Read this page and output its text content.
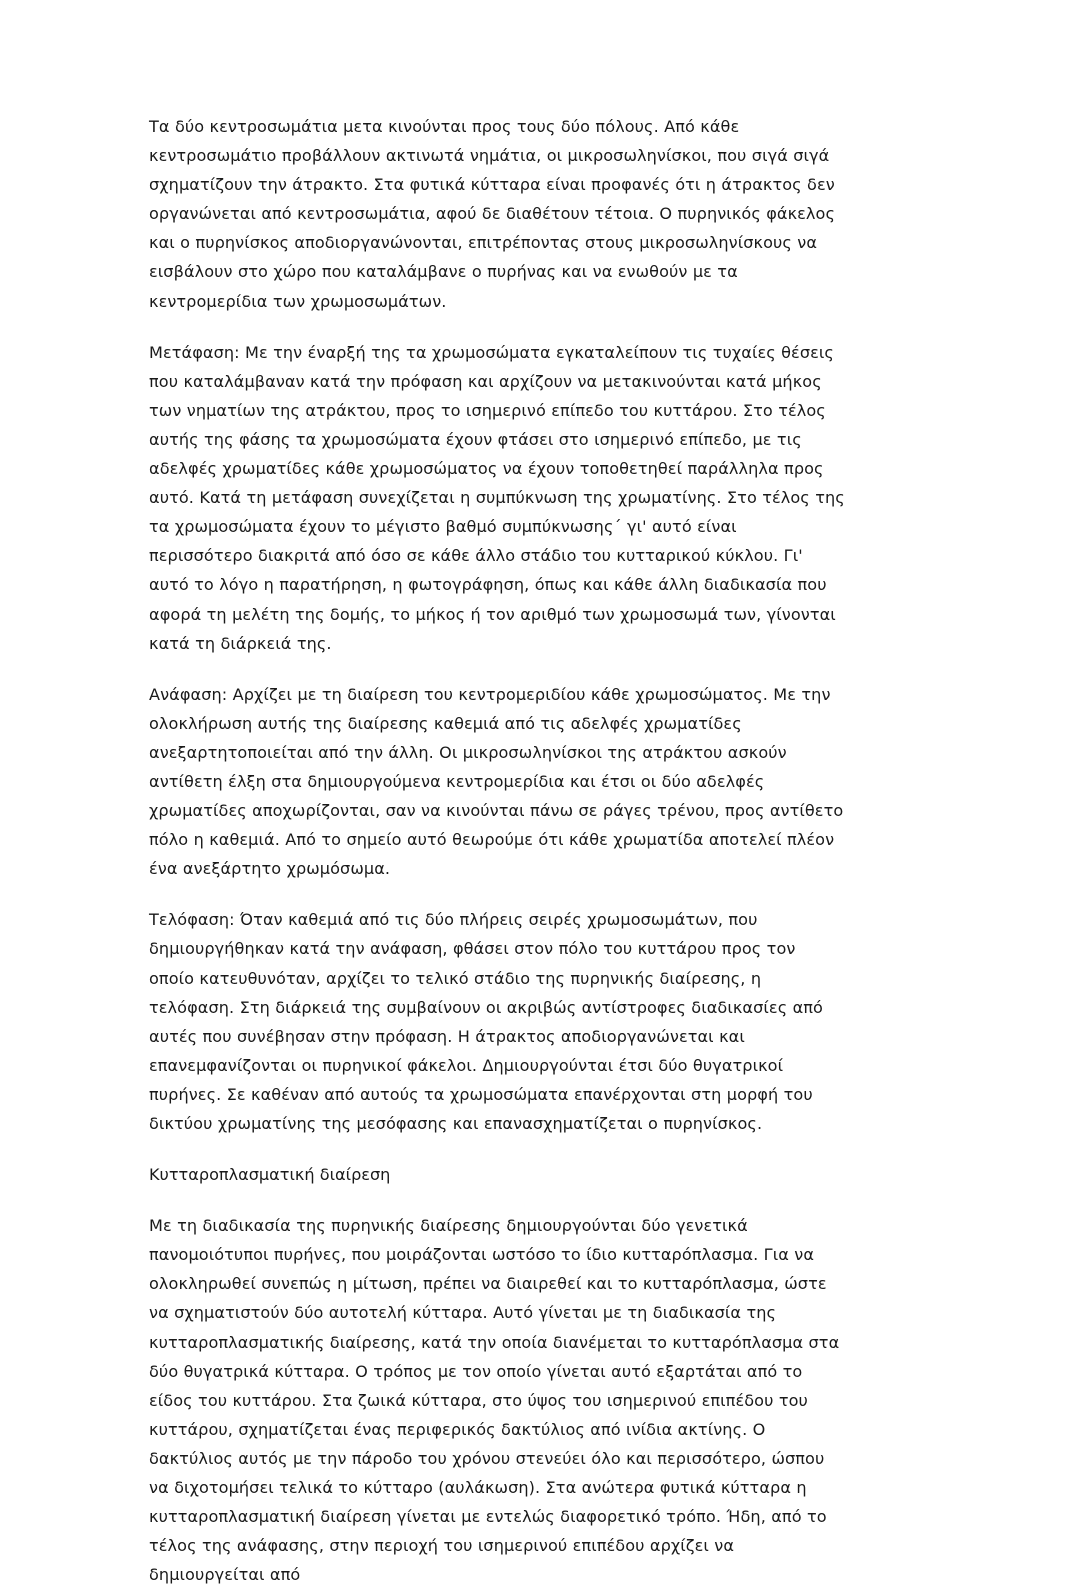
Τα δύο κεντροσωμάτια μετα κινούνται προς τους δύο πόλους. Από κάθε κεντροσωμάτιο προβάλλουν ακτινωτά νημάτια, οι μικροσωληνίσκοι, που σιγά σιγά σχηματίζουν την άτρακτο. Στα φυτικά κύτταρα είναι προφανές ότι η άτρακτος δεν οργανώνεται από κεντροσωμάτια, αφού δε διαθέτουν τέτοια. Ο πυρηνικός φάκελος και ο πυρηνίσκος αποδιοργανώνονται, επιτρέποντας στους μικροσωληνίσκους να εισβάλουν στο χώρο που καταλάμβανε ο πυρήνας και να ενωθούν με τα κεντρομερίδια των χρωμοσωμάτων.

Μετάφαση: Με την έναρξή της τα χρωμοσώματα εγκαταλείπουν τις τυχαίες θέσεις που καταλάμβαναν κατά την πρόφαση και αρχίζουν να μετακινούνται κατά μήκος των νηματίων της ατράκτου, προς το ισημερινό επίπεδο του κυττάρου. Στο τέλος αυτής της φάσης τα χρωμοσώματα έχουν φτάσει στο ισημερινό επίπεδο, με τις αδελφές χρωματίδες κάθε χρωμοσώματος να έχουν τοποθετηθεί παράλληλα προς αυτό. Κατά τη μετάφαση συνεχίζεται η συμπύκνωση της χρωματίνης. Στο τέλος της τα χρωμοσώματα έχουν το μέγιστο βαθμό συμπύκνωσης΄ γι' αυτό είναι περισσότερο διακριτά από όσο σε κάθε άλλο στάδιο του κυτταρικού κύκλου. Γι' αυτό το λόγο η παρατήρηση, η φωτογράφηση, όπως και κάθε άλλη διαδικασία που αφορά τη μελέτη της δομής, το μήκος ή τον αριθμό των χρωμοσωμά των, γίνονται κατά τη διάρκειά της.

Ανάφαση: Αρχίζει με τη διαίρεση του κεντρομεριδίου κάθε χρωμοσώματος. Με την ολοκλήρωση αυτής της διαίρεσης καθεμιά από τις αδελφές χρωματίδες ανεξαρτητοποιείται από την άλλη. Οι μικροσωληνίσκοι της ατράκτου ασκούν αντίθετη έλξη στα δημιουργούμενα κεντρομερίδια και έτσι οι δύο αδελφές χρωματίδες αποχωρίζονται, σαν να κινούνται πάνω σε ράγες τρένου, προς αντίθετο πόλο η καθεμιά. Από το σημείο αυτό θεωρούμε ότι κάθε χρωματίδα αποτελεί πλέον ένα ανεξάρτητο χρωμόσωμα.

Τελόφαση: Όταν καθεμιά από τις δύο πλήρεις σειρές χρωμοσωμάτων, που δημιουργήθηκαν κατά την ανάφαση, φθάσει στον πόλο του κυττάρου προς τον οποίο κατευθυνόταν, αρχίζει το τελικό στάδιο της πυρηνικής διαίρεσης, η τελόφαση. Στη διάρκειά της συμβαίνουν οι ακριβώς αντίστροφες διαδικασίες από αυτές που συνέβησαν στην πρόφαση. Η άτρακτος αποδιοργανώνεται και επανεμφανίζονται οι πυρηνικοί φάκελοι. Δημιουργούνται έτσι δύο θυγατρικοί πυρήνες. Σε καθέναν από αυτούς τα χρωμοσώματα επανέρχονται στη μορφή του δικτύου χρωματίνης της μεσόφασης και επανασχηματίζεται ο πυρηνίσκος.

Κυτταροπλασματική διαίρεση

Με τη διαδικασία της πυρηνικής διαίρεσης δημιουργούνται δύο γενετικά πανομοιότυποι πυρήνες, που μοιράζονται ωστόσο το ίδιο κυτταρόπλασμα. Για να ολοκληρωθεί συνεπώς η μίτωση, πρέπει να διαιρεθεί και το κυτταρόπλασμα, ώστε να σχηματιστούν δύο αυτοτελή κύτταρα. Αυτό γίνεται με τη διαδικασία της κυτταροπλασματικής διαίρεσης, κατά την οποία διανέμεται το κυτταρόπλασμα στα δύο θυγατρικά κύτταρα. Ο τρόπος με τον οποίο γίνεται αυτό εξαρτάται από το είδος του κυττάρου. Στα ζωικά κύτταρα, στο ύψος του ισημερινού επιπέδου του κυττάρου, σχηματίζεται ένας περιφερικός δακτύλιος από ινίδια ακτίνης. Ο δακτύλιος αυτός με την πάροδο του χρόνου στενεύει όλο και περισσότερο, ώσπου να διχοτομήσει τελικά το κύτταρο (αυλάκωση). Στα ανώτερα φυτικά κύτταρα η κυτταροπλασματική διαίρεση γίνεται με εντελώς διαφορετικό τρόπο. Ήδη, από το τέλος της ανάφασης, στην περιοχή του ισημερινού επιπέδου αρχίζει να δημιουργείται από
